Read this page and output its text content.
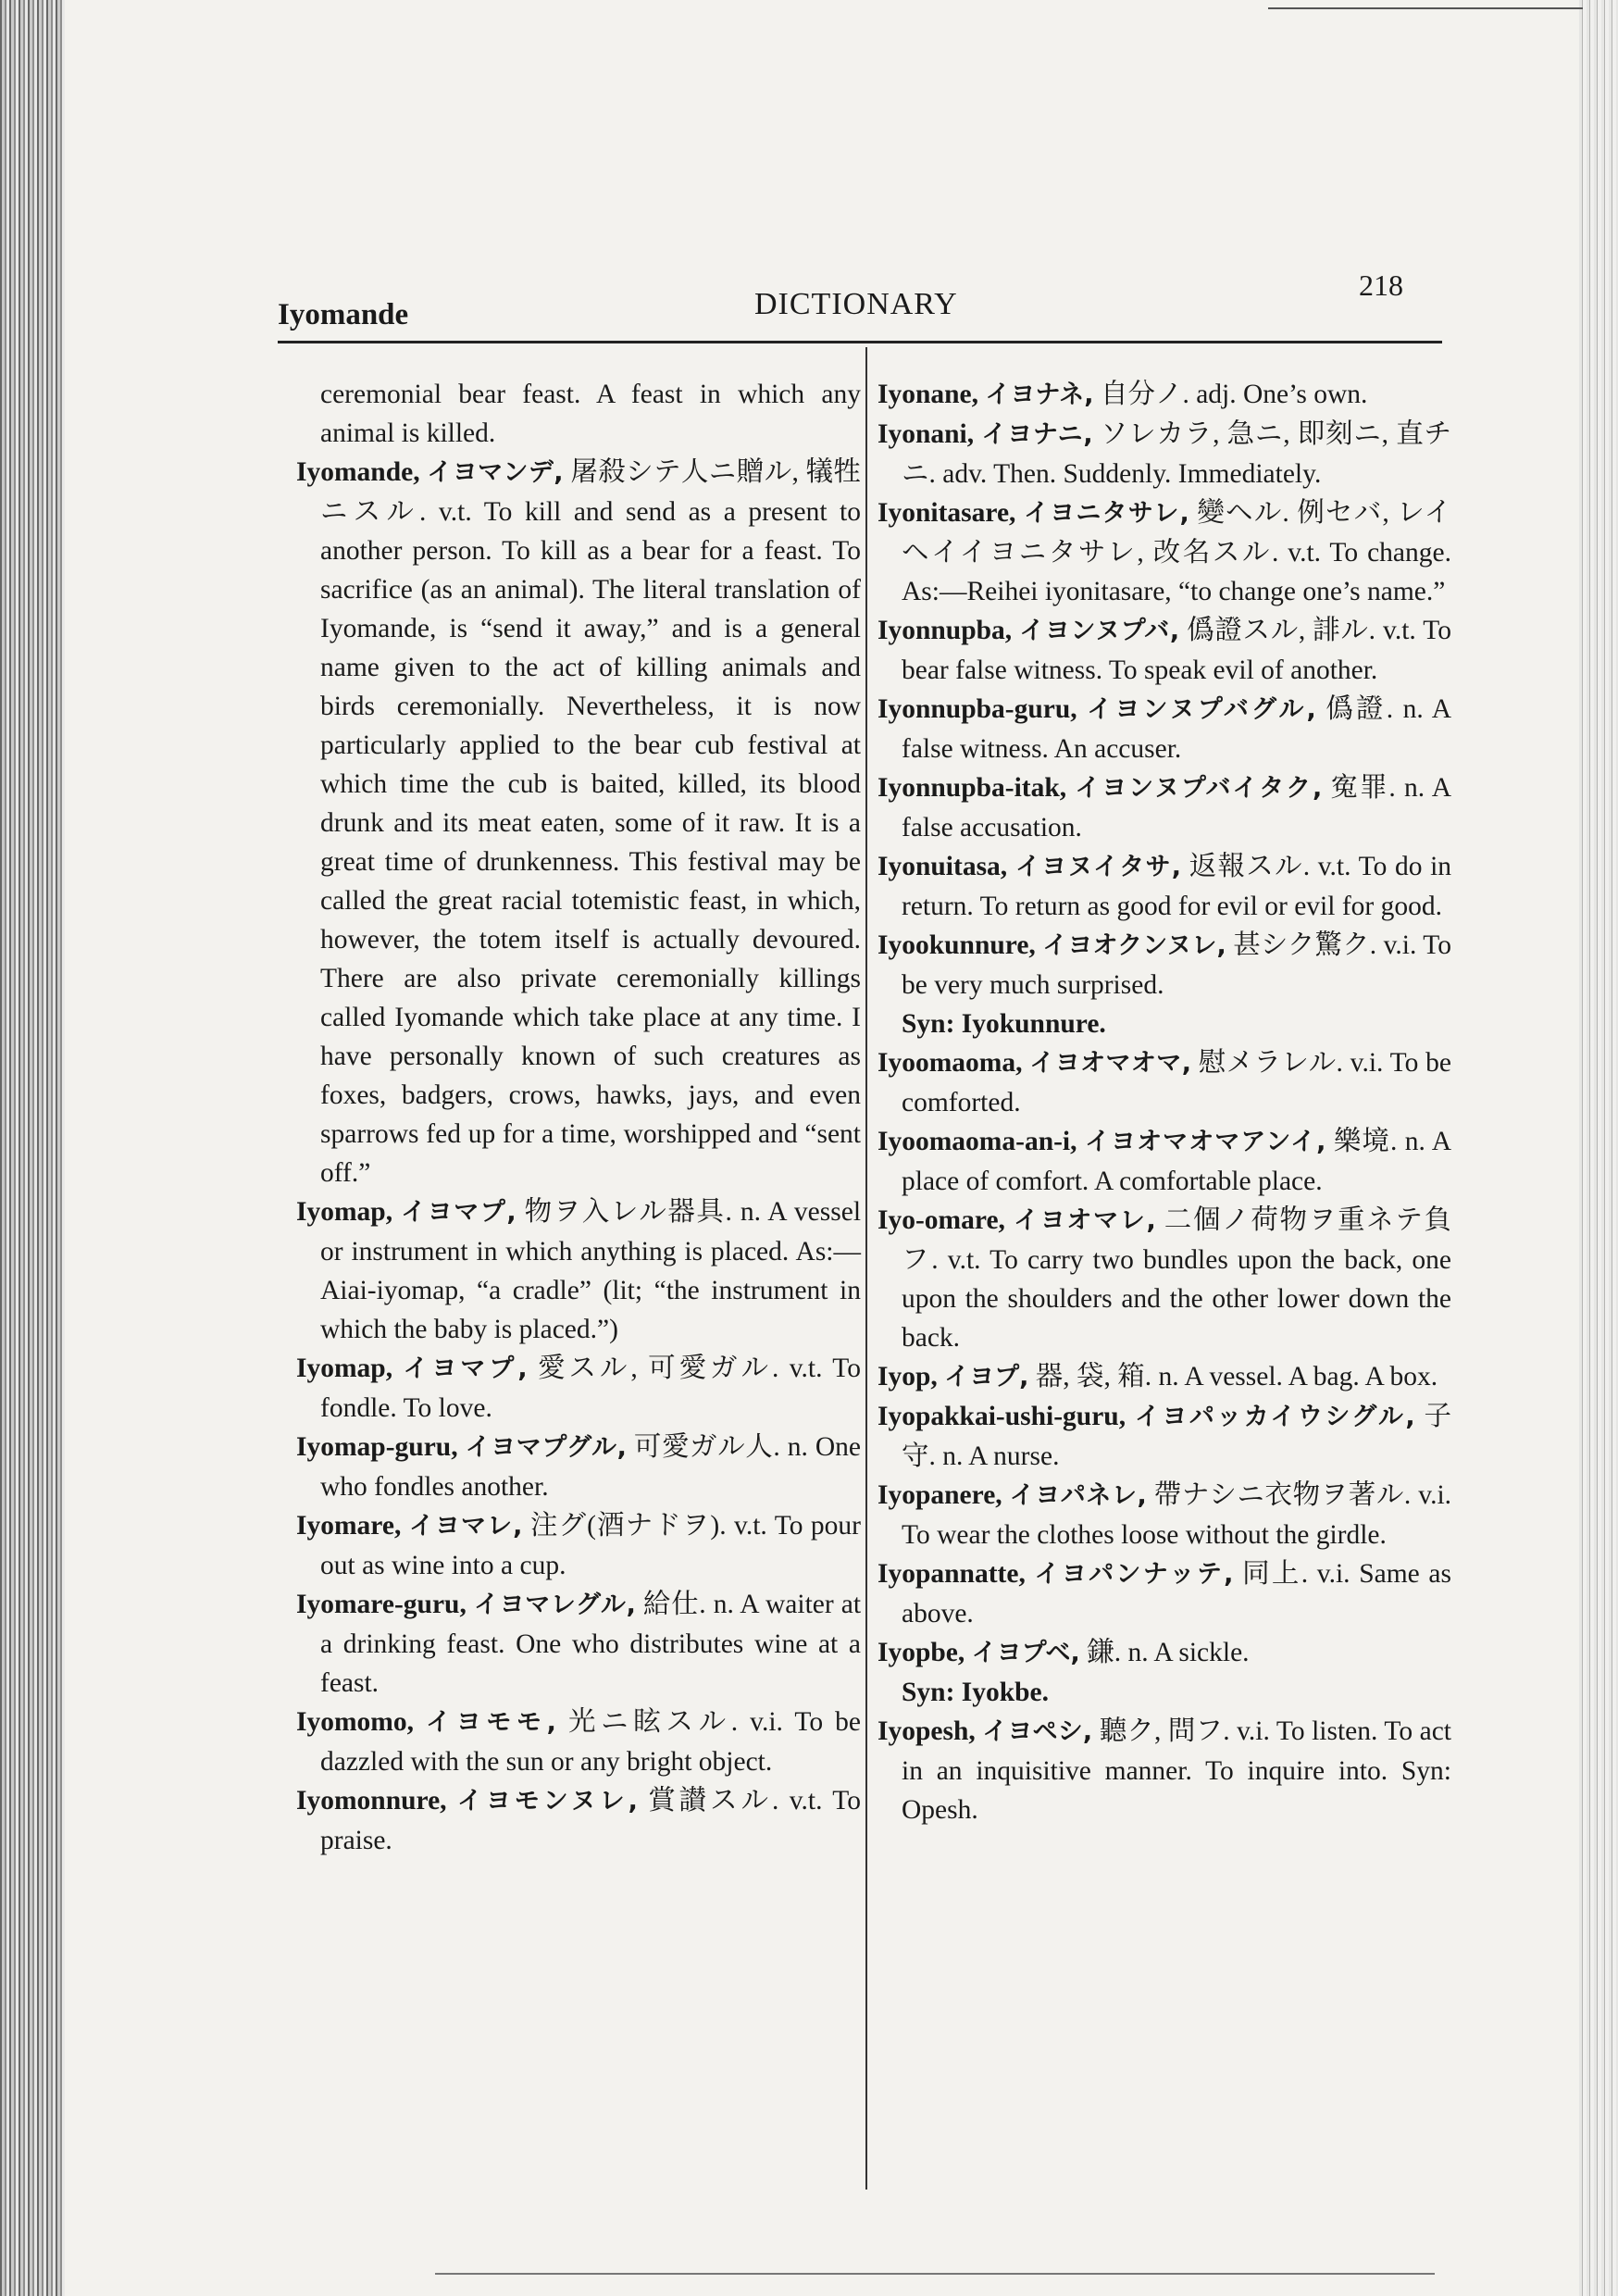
Iyomande	DICTIONARY
218

ceremonial bear feast. A feast in which any animal is killed.

Iyomande, イヨマンデ, 屠殺シテ人ニ贈ル, 犠牲ニスル. v.t. To kill and send as a present to another person. To kill as a bear for a feast. To sacrifice (as an animal). The literal translation of Iyomande, is “send it away,” and is a general name given to the act of killing animals and birds ceremonially. Nevertheless, it is now particularly applied to the bear cub festival at which time the cub is baited, killed, its blood drunk and its meat eaten, some of it raw. It is a great time of drunkenness. This festival may be called the great racial totemistic feast, in which, however, the totem itself is actually devoured. There are also private ceremonially killings called Iyomande which take place at any time. I have personally known of such creatures as foxes, badgers, crows, hawks, jays, and even sparrows fed up for a time, worshipped and “sent off.”

Iyomap, イヨマプ, 物ヲ入レル器具. n. A vessel or instrument in which anything is placed. As:—Aiai-iyomap, “a cradle” (lit; “the instrument in which the baby is placed.”)

Iyomap, イヨマプ, 愛スル, 可愛ガル. v.t. To fondle. To love.

Iyomap-guru, イヨマプグル, 可愛ガル人. n. One who fondles another.

Iyomare, イヨマレ, 注グ(酒ナドヲ). v.t. To pour out as wine into a cup.

Iyomare-guru, イヨマレグル, 給仕. n. A waiter at a drinking feast. One who distributes wine at a feast.

Iyomomo, イヨモモ, 光ニ眩スル. v.i. To be dazzled with the sun or any bright object.

Iyomonnure, イヨモンヌレ, 賞讃スル. v.t. To praise.

Iyonane, イヨナネ, 自分ノ. adj. One’s own.

Iyonani, イヨナニ, ソレカラ, 急ニ, 即刻ニ, 直チニ. adv. Then. Suddenly. Immediately.

Iyonitasare, イヨニタサレ, 變ヘル. 例セバ, レイヘイイヨニタサレ, 改名スル. v.t. To change. As:—Reihei iyonitasare, “to change one’s name.”

Iyonnupba, イヨンヌプバ, 僞證スル, 誹ル. v.t. To bear false witness. To speak evil of another.

Iyonnupba-guru, イヨンヌプバグル, 僞證. n. A false witness. An accuser.

Iyonnupba-itak, イヨンヌプバイタク, 寃罪. n. A false accusation.

Iyonuitasa, イヨヌイタサ, 返報スル. v.t. To do in return. To return as good for evil or evil for good.

Iyookunnure, イヨオクンヌレ, 甚シク驚ク. v.i. To be very much surprised.
Syn: Iyokunnure.

Iyoomaoma, イヨオマオマ, 慰メラレル. v.i. To be comforted.

Iyoomaoma-an-i, イヨオマオマアンイ, 樂境. n. A place of comfort. A comfortable place.

Iyo-omare, イヨオマレ, 二個ノ荷物ヲ重ネテ負フ. v.t. To carry two bundles upon the back, one upon the shoulders and the other lower down the back.

Iyop, イヨプ, 器, 袋, 箱. n. A vessel. A bag. A box.

Iyopakkai-ushi-guru, イヨパッカイウシグル, 子守. n. A nurse.

Iyopanere, イヨパネレ, 帶ナシニ衣物ヲ著ル. v.i. To wear the clothes loose without the girdle.

Iyopannatte, イヨパンナッテ, 同上. v.i. Same as above.

Iyopbe, イヨプベ, 鎌. n. A sickle.
Syn: Iyokbe.

Iyopesh, イヨペシ, 聽ク, 問フ. v.i. To listen. To act in an inquisitive manner. To inquire into. Syn: Opesh.
